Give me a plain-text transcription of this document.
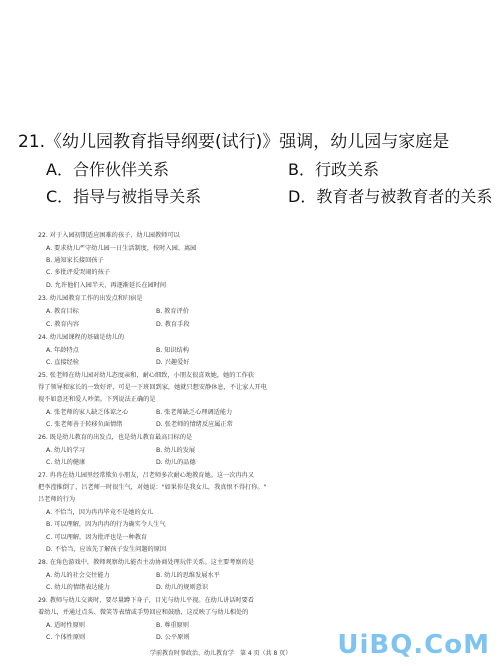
21.《幼儿园教育指导纲要(试行)》强调，幼儿园与家庭是
A．合作伙伴关系	B．行政关系
C．指导与被指导关系	D．教育者与被教育者的关系
22. 对于入园初期适应困难的孩子，幼儿园教师可以
A. 要求幼儿严守幼儿园一日生活制度，按时入园、离园
B. 通知家长接回孩子
C. 多批评爱哭闹的孩子
D. 允许他们入园半天，再逐渐延长在园时间
23. 幼儿园教育工作的出发点和归宿是
A. 教育目标	B. 教育评价
C. 教育内容	D. 教育手段
24. 幼儿园课程的基础是幼儿的
A. 年龄特点	B. 知识结构
C. 直接经验	D. 兴趣爱好
25. 张老师在幼儿园对幼儿态度亲和，耐心细致，小朋友很喜欢她，她的工作获
得了领导和家长的一致好评，可是一下班回到家，她就只想安静休息，不让家人开电
视不如意还和爱人吵架。下列说法正确的是
A. 张老师的家人缺乏体谅之心	B. 张老师缺乏心理调适能力
C. 张老师善于转移负面情绪	D. 张老师的情绪反应属正常
26. 既是幼儿教育的出发点，也是幼儿教育最高目标的是
A. 幼儿的学习	B. 幼儿的发展
C. 幼儿的健康	D. 幼儿的品德
27. 冉冉在幼儿园里经常欺负小朋友，吕老师多次耐心地教育她。这一次冉冉又
把李滢推倒了，吕老师一时很生气，对她说："如果你是我女儿，我真恨不得打你。"
吕老师的行为
A. 不恰当，因为冉冉毕竟不是她的女儿
B. 可以理解，因为冉冉的行为确实令人生气
C. 可以理解，因为批评也是一种教育
D. 不恰当，应该先了解孩子发生问题的原因
28. 在角色游戏中，教师观察幼儿能否主动协商处理玩伴关系。这主要考察的是
A. 幼儿的社会交往能力	B. 幼儿的思维发展水平
C. 幼儿的情绪表达能力	D. 幼儿的规则意识
29. 教师与幼儿交谈时，要尽量蹲下身子，目光与幼儿平视。在幼儿讲话时要看
着幼儿，并通过点头、微笑等表情或手势回应和鼓励，这反映了与幼儿相处的
A. 适时性原则	B. 尊重原则
C. 个体性原则	D. 公平原则
学前教育时事政治、幼儿教育学　第 4 页（共 8 页） UiBQ.CoM
